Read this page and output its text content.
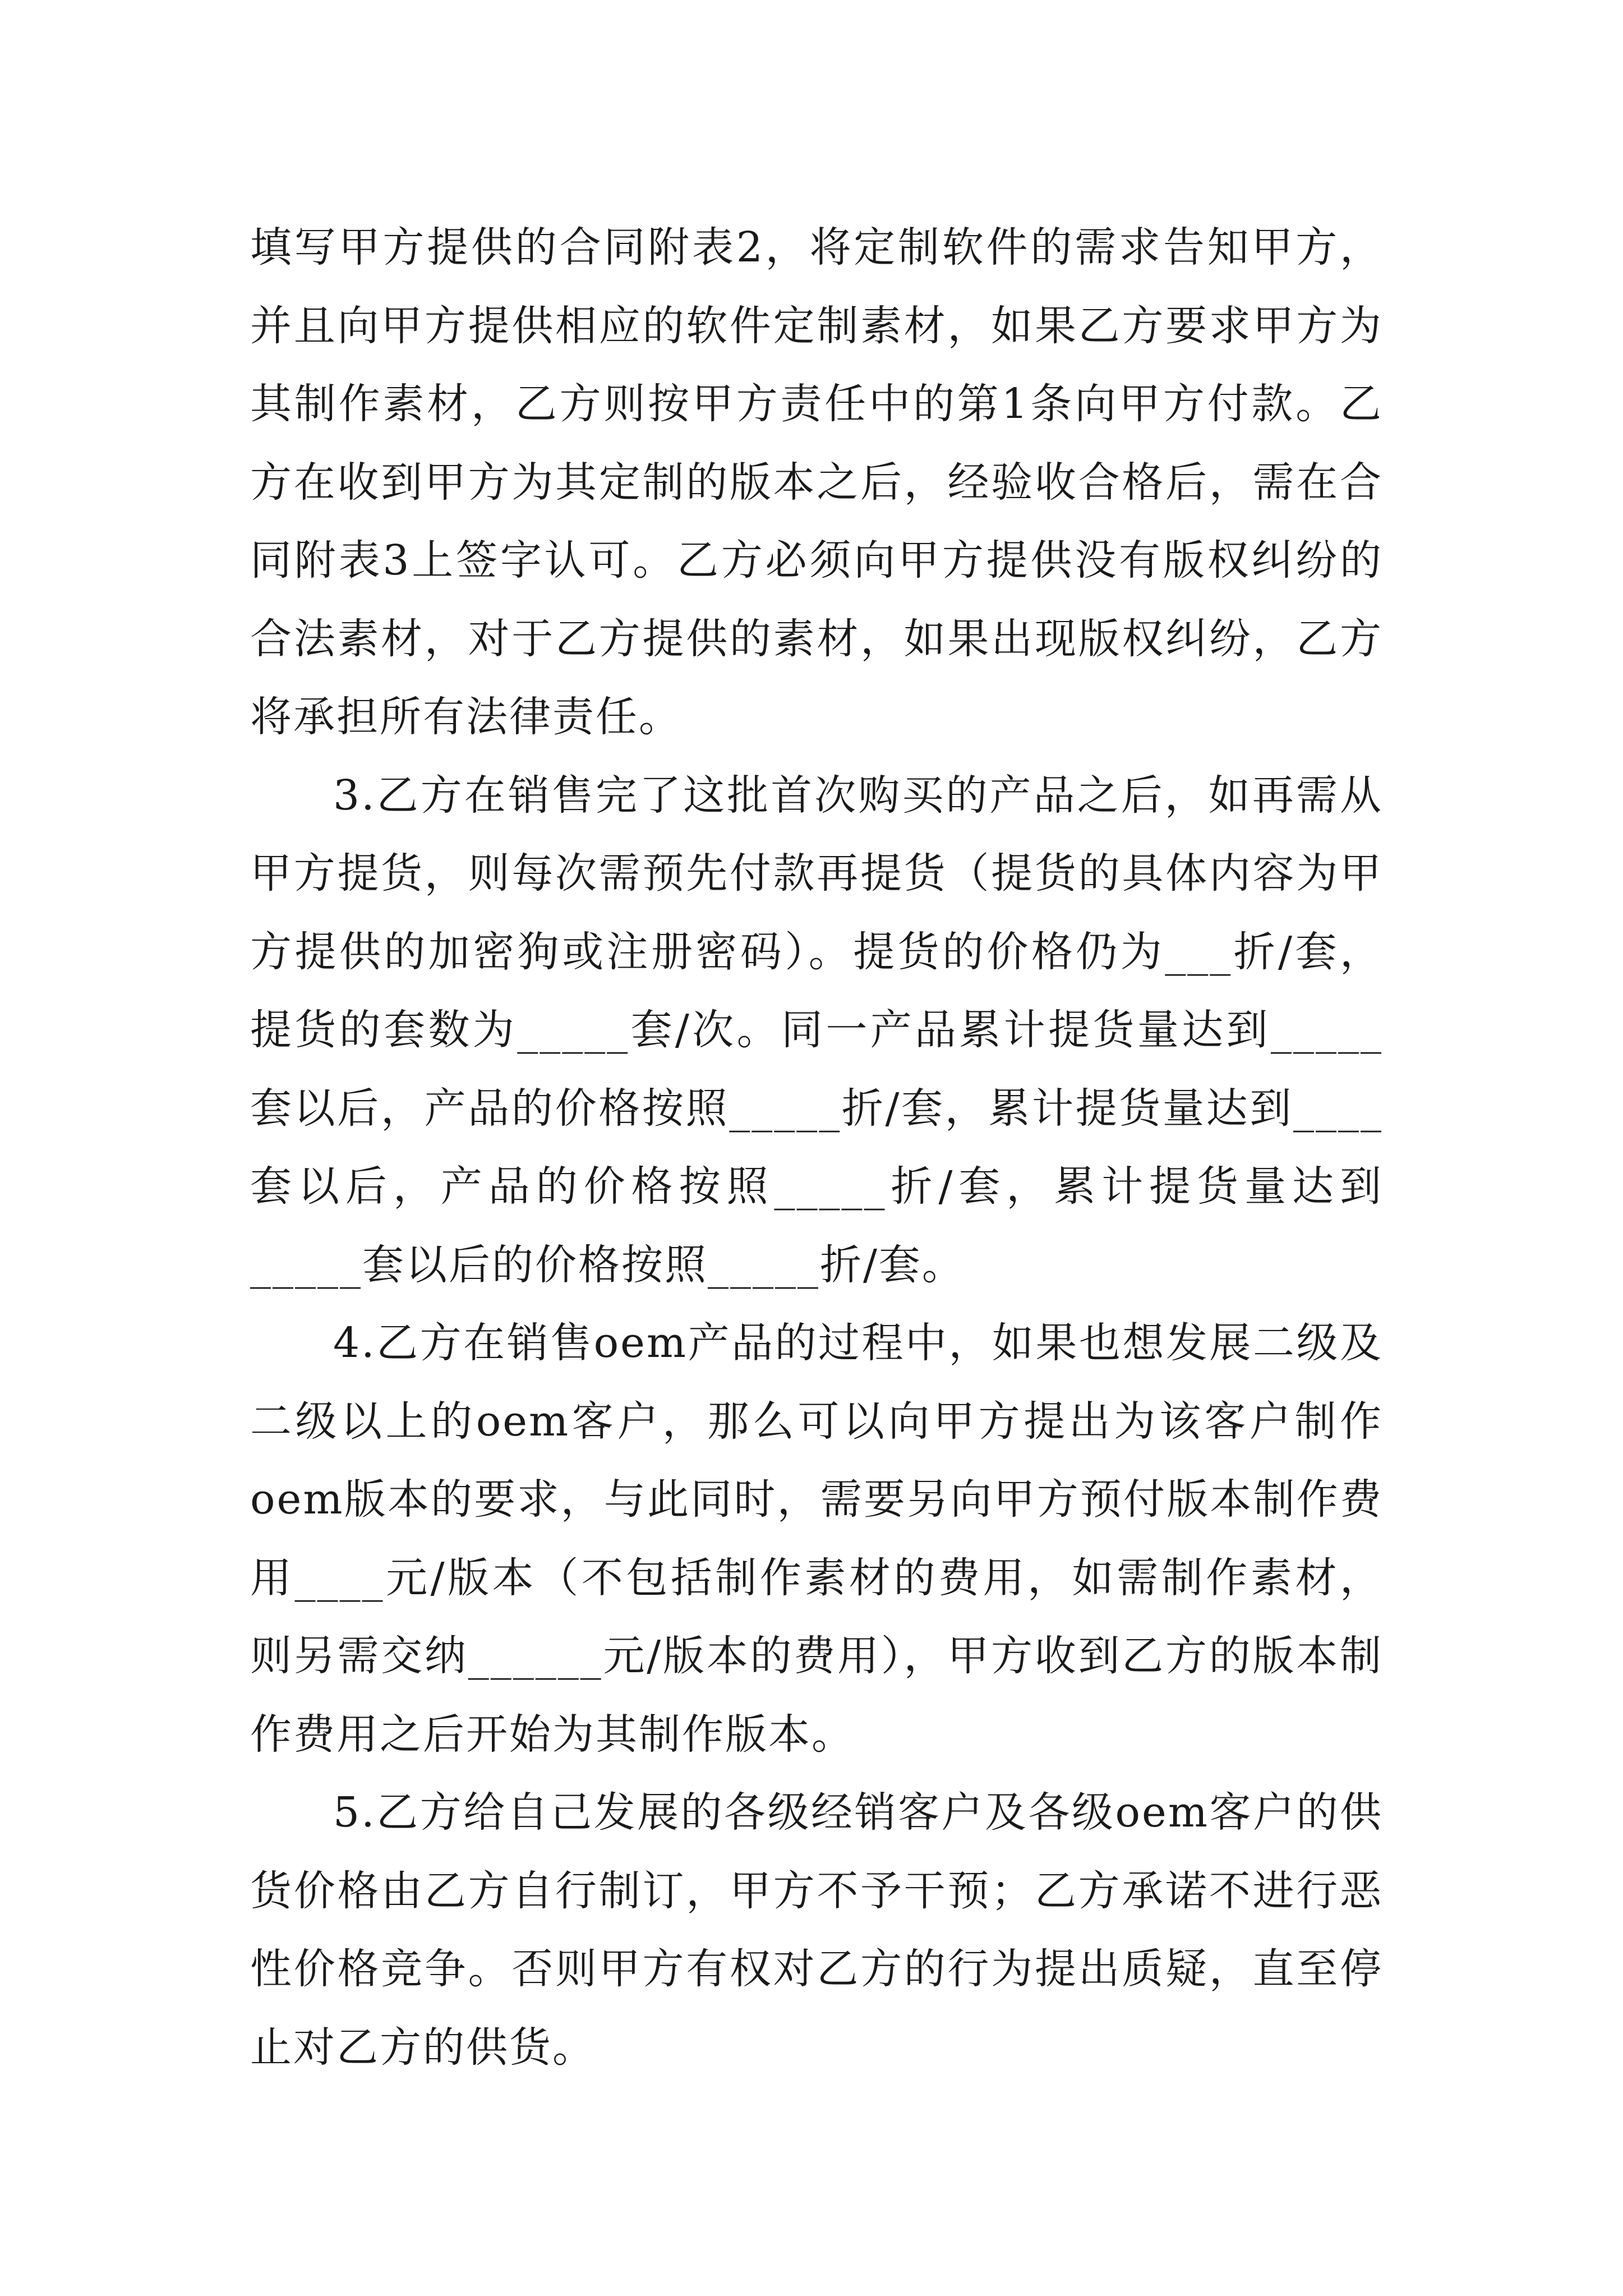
填写甲方提供的合同附表2，将定制软件的需求告知甲方，并且向甲方提供相应的软件定制素材，如果乙方要求甲方为其制作素材，乙方则按甲方责任中的第1条向甲方付款。乙方在收到甲方为其定制的版本之后，经验收合格后，需在合同附表3上签字认可。乙方必须向甲方提供没有版权纠纷的合法素材，对于乙方提供的素材，如果出现版权纠纷，乙方将承担所有法律责任。

3.乙方在销售完了这批首次购买的产品之后，如再需从甲方提货，则每次需预先付款再提货（提货的具体内容为甲方提供的加密狗或注册密码）。提货的价格仍为___折/套，提货的套数为_____套/次。同一产品累计提货量达到_____套以后，产品的价格按照_____折/套，累计提货量达到____套以后，产品的价格按照_____折/套，累计提货量达到_____套以后的价格按照_____折/套。

4.乙方在销售oem产品的过程中，如果也想发展二级及二级以上的oem客户，那么可以向甲方提出为该客户制作oem版本的要求，与此同时，需要另向甲方预付版本制作费用____元/版本（不包括制作素材的费用，如需制作素材，则另需交纳______元/版本的费用），甲方收到乙方的版本制作费用之后开始为其制作版本。

5.乙方给自己发展的各级经销客户及各级oem客户的供货价格由乙方自行制订，甲方不予干预；乙方承诺不进行恶性价格竞争。否则甲方有权对乙方的行为提出质疑，直至停止对乙方的供货。
